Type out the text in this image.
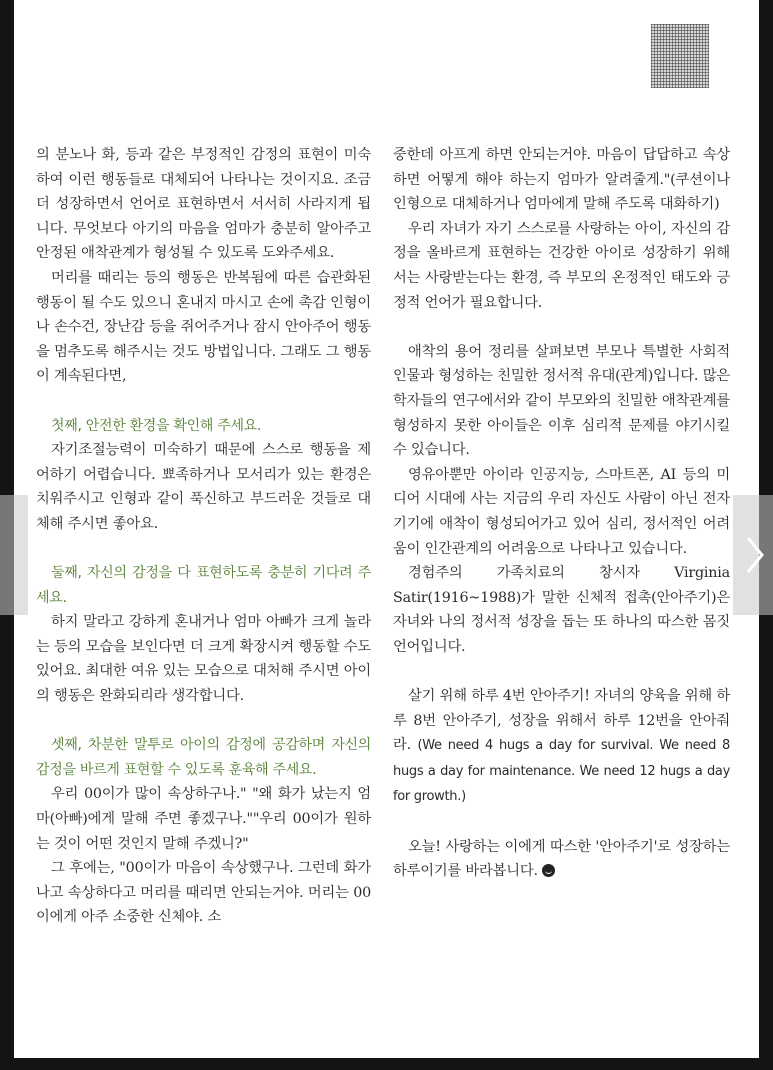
의 분노나 화, 등과 같은 부정적인 감정의 표현이 미숙하여 이런 행동들로 대체되어 나타나는 것이지요. 조금 더 성장하면서 언어로 표현하면서 서서히 사라지게 됩니다. 무엇보다 아기의 마음을 엄마가 충분히 알아주고 안정된 애착관계가 형성될 수 있도록 도와주세요.

머리를 때리는 등의 행동은 반복됨에 따른 습관화된 행동이 될 수도 있으니 혼내지 마시고 손에 촉감 인형이나 손수건, 장난감 등을 쥐어주거나 잠시 안아주어 행동을 멈추도록 해주시는 것도 방법입니다. 그래도 그 행동이 계속된다면,

첫째, 안전한 환경을 확인해 주세요.

자기조절능력이 미숙하기 때문에 스스로 행동을 제어하기 어렵습니다. 뾰족하거나 모서리가 있는 환경은 치워주시고 인형과 같이 푹신하고 부드러운 것들로 대체해 주시면 좋아요.

둘째, 자신의 감정을 다 표현하도록 충분히 기다려 주세요.

하지 말라고 강하게 혼내거나 엄마 아빠가 크게 놀라는 등의 모습을 보인다면 더 크게 확장시켜 행동할 수도 있어요. 최대한 여유 있는 모습으로 대처해 주시면 아이의 행동은 완화되리라 생각합니다.

셋째, 차분한 말투로 아이의 감정에 공감하며 자신의 감정을 바르게 표현할 수 있도록 훈육해 주세요.

우리 00이가 많이 속상하구나." "왜 화가 났는지 엄마(아빠)에게 말해 주면 좋겠구나.""우리 00이가 원하는 것이 어떤 것인지 말해 주겠니?"

그 후에는, "00이가 마음이 속상했구나. 그런데 화가 나고 속상하다고 머리를 때리면 안되는거야. 머리는 00이에게 아주 소중한 신체야. 소

중한데 아프게 하면 안되는거야. 마음이 답답하고 속상하면 어떻게 해야 하는지 엄마가 알려줄게."(쿠션이나 인형으로 대체하거나 엄마에게 말해 주도록 대화하기)

우리 자녀가 자기 스스로를 사랑하는 아이, 자신의 감정을 올바르게 표현하는 건강한 아이로 성장하기 위해서는 사랑받는다는 환경, 즉 부모의 온정적인 태도와 긍정적 언어가 필요합니다.

애착의 용어 정리를 살펴보면 부모나 특별한 사회적 인물과 형성하는 친밀한 정서적 유대(관계)입니다. 많은 학자들의 연구에서와 같이 부모와의 친밀한 애착관계를 형성하지 못한 아이들은 이후 심리적 문제를 야기시킬 수 있습니다.

영유아뿐만 아이라 인공지능, 스마트폰, AI 등의 미디어 시대에 사는 지금의 우리 자신도 사람이 아닌 전자기기에 애착이 형성되어가고 있어 심리, 정서적인 어려움이 인간관계의 어려움으로 나타나고 있습니다.

경험주의 가족치료의 창시자 Virginia Satir(1916~1988)가 말한 신체적 접촉(안아주기)은 자녀와 나의 정서적 성장을 돕는 또 하나의 따스한 몸짓 언어입니다.

살기 위해 하루 4번 안아주기! 자녀의 양육을 위해 하루 8번 안아주기, 성장을 위해서 하루 12번을 안아줘라. (We need 4 hugs a day for survival. We need 8 hugs a day for maintenance. We need 12 hugs a day for growth.)

오늘! 사랑하는 이에게 따스한 '안아주기'로 성장하는 하루이기를 바라봅니다.
